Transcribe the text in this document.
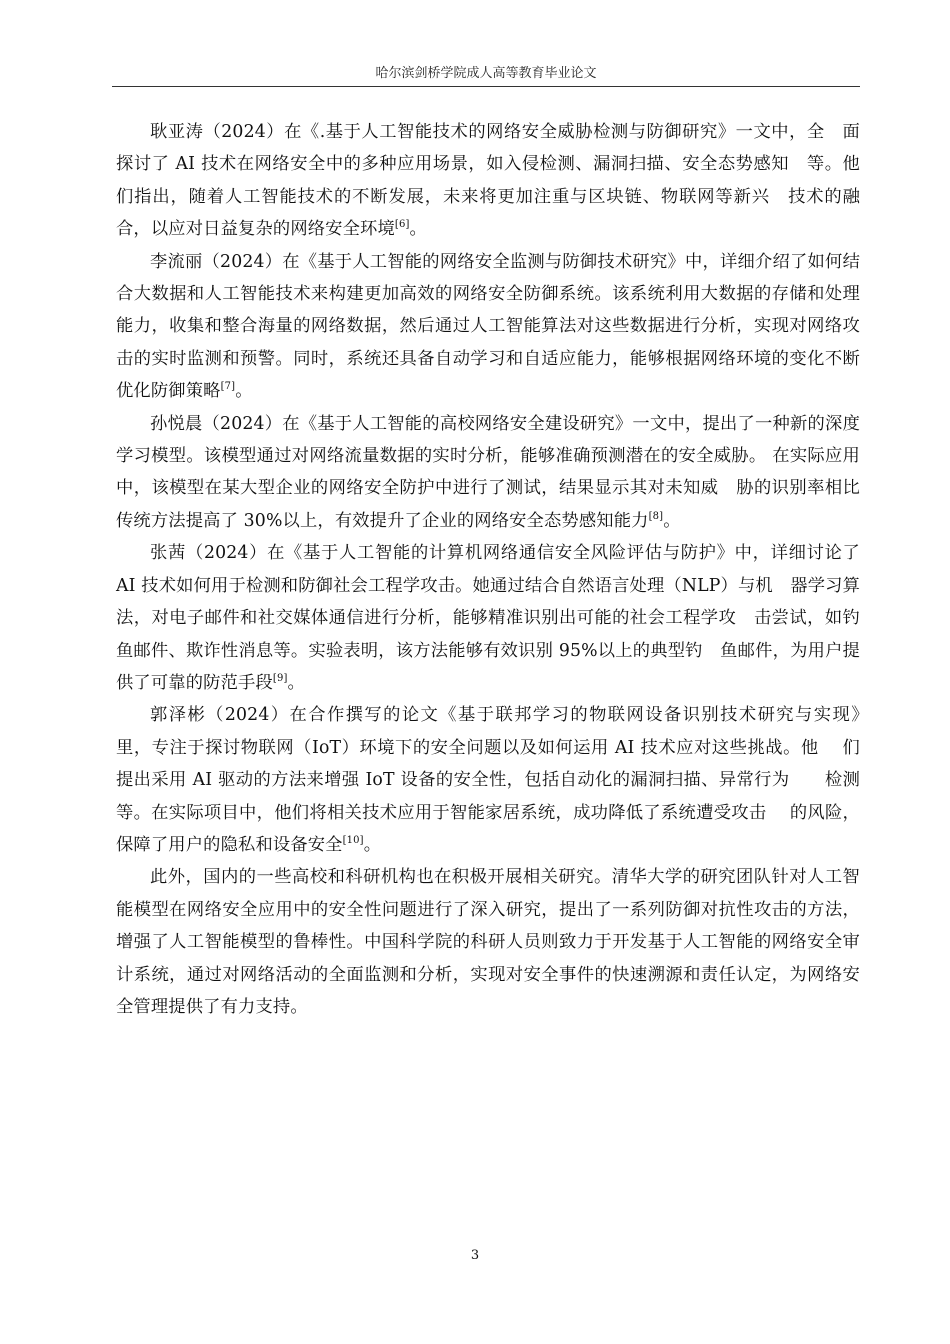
哈尔滨剑桥学院成人高等教育毕业论文

耿亚涛（2024）在《.基于人工智能技术的网络安全威胁检测与防御研究》一文中，全　面探讨了 AI 技术在网络安全中的多种应用场景，如入侵检测、漏洞扫描、安全态势感知　等。他们指出，随着人工智能技术的不断发展，未来将更加注重与区块链、物联网等新兴　技术的融合，以应对日益复杂的网络安全环境[6]。

李流丽（2024）在《基于人工智能的网络安全监测与防御技术研究》中，详细介绍了如何结合大数据和人工智能技术来构建更加高效的网络安全防御系统。该系统利用大数据的存储和处理能力，收集和整合海量的网络数据，然后通过人工智能算法对这些数据进行分析，实现对网络攻击的实时监测和预警。同时，系统还具备自动学习和自适应能力，能够根据网络环境的变化不断优化防御策略[7]。

孙悦晨（2024）在《基于人工智能的高校网络安全建设研究》一文中，提出了一种新的深度学习模型。该模型通过对网络流量数据的实时分析，能够准确预测潜在的安全威胁。 在实际应用中，该模型在某大型企业的网络安全防护中进行了测试，结果显示其对未知威　胁的识别率相比传统方法提高了 30%以上，有效提升了企业的网络安全态势感知能力[8]。

张茜（2024）在《基于人工智能的计算机网络通信安全风险评估与防护》中，详细讨论了 AI 技术如何用于检测和防御社会工程学攻击。她通过结合自然语言处理（NLP）与机　器学习算法，对电子邮件和社交媒体通信进行分析，能够精准识别出可能的社会工程学攻　击尝试，如钓鱼邮件、欺诈性消息等。实验表明，该方法能够有效识别 95%以上的典型钓　鱼邮件，为用户提供了可靠的防范手段[9]。

郭泽彬（2024）在合作撰写的论文《基于联邦学习的物联网设备识别技术研究与实现》　里，专注于探讨物联网（IoT）环境下的安全问题以及如何运用 AI 技术应对这些挑战。他　 们提出采用 AI 驱动的方法来增强 IoT 设备的安全性，包括自动化的漏洞扫描、异常行为　　检测等。在实际项目中，他们将相关技术应用于智能家居系统，成功降低了系统遭受攻击　 的风险，保障了用户的隐私和设备安全[10]。

此外，国内的一些高校和科研机构也在积极开展相关研究。清华大学的研究团队针对人工智能模型在网络安全应用中的安全性问题进行了深入研究，提出了一系列防御对抗性攻击的方法，增强了人工智能模型的鲁棒性。中国科学院的科研人员则致力于开发基于人工智能的网络安全审计系统，通过对网络活动的全面监测和分析，实现对安全事件的快速溯源和责任认定，为网络安全管理提供了有力支持。

3
